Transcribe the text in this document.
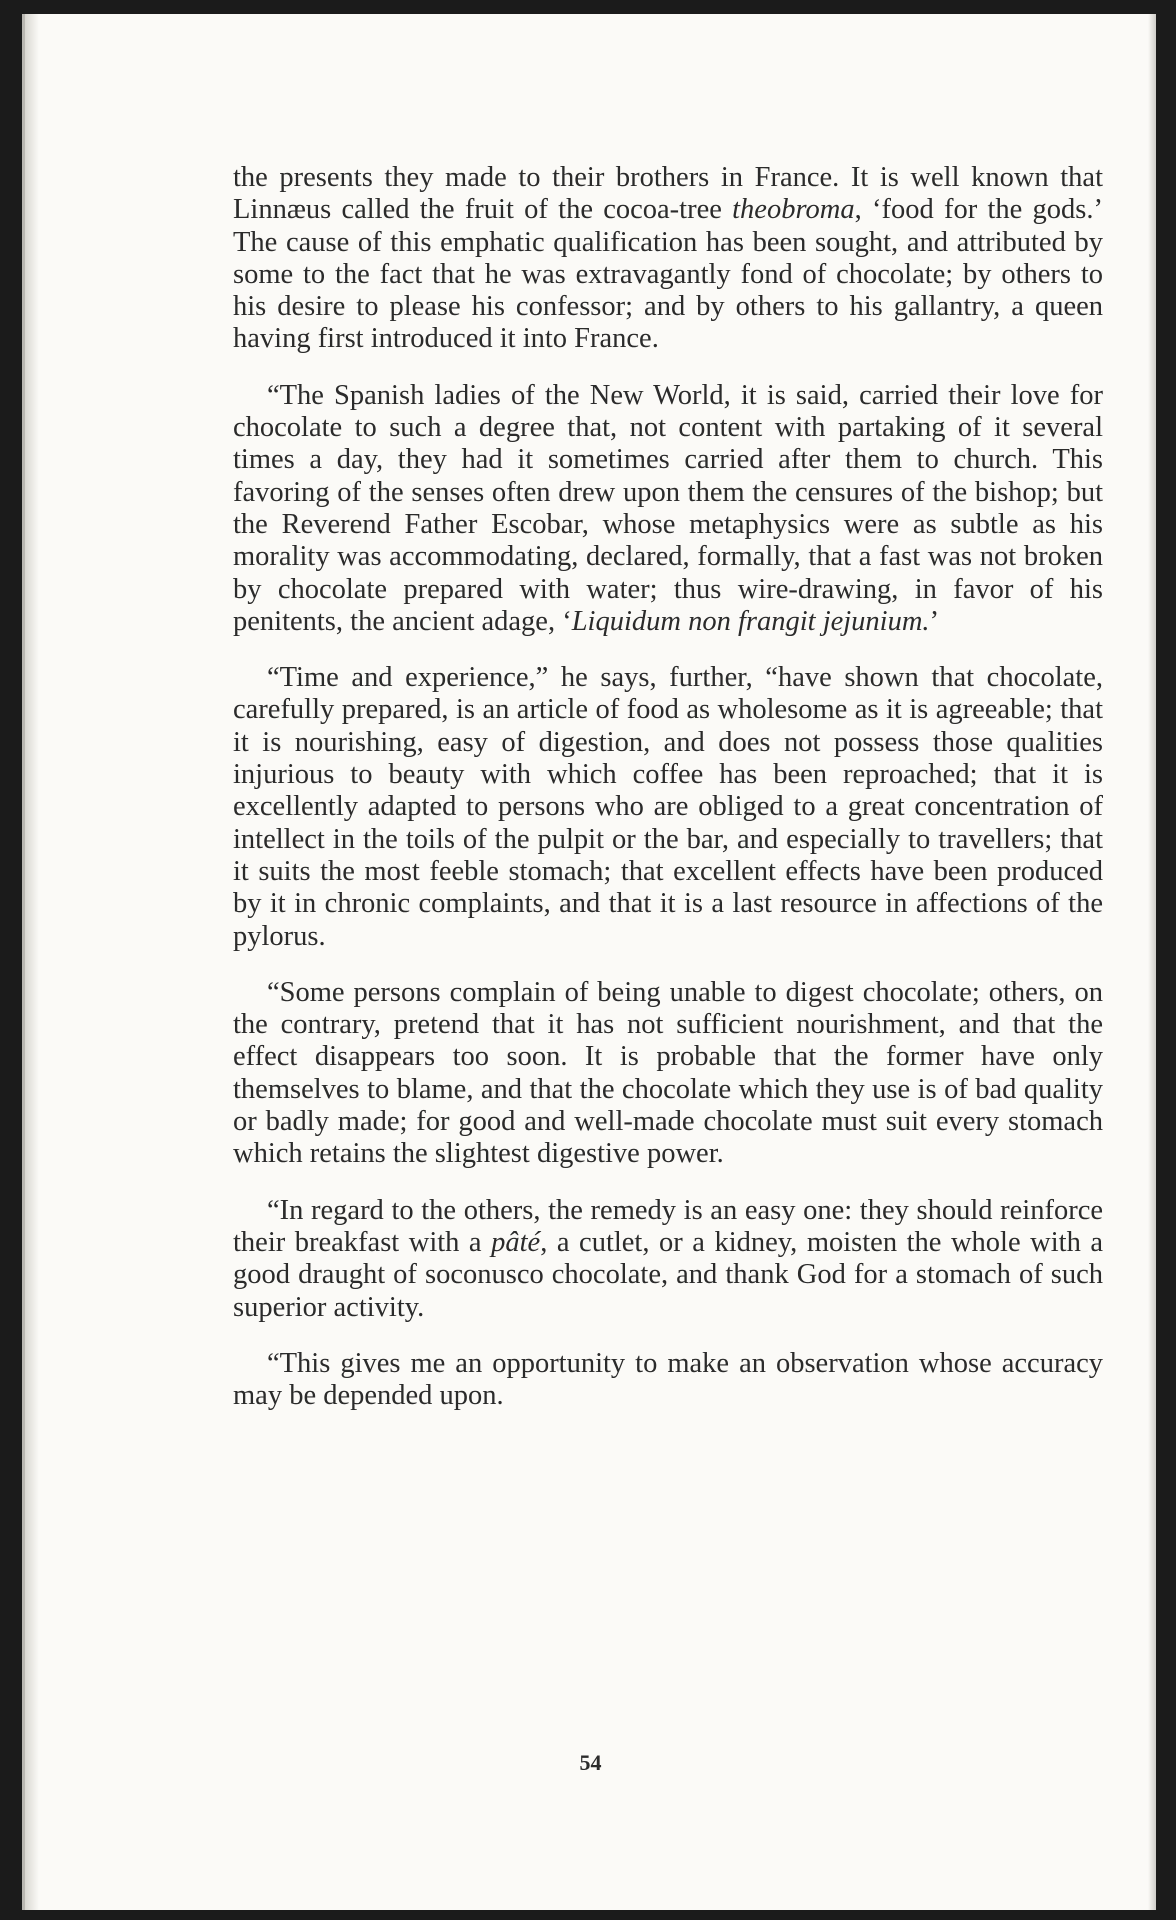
the presents they made to their brothers in France. It is well known that Linnæus called the fruit of the cocoa-tree theobroma, ‘food for the gods.’ The cause of this emphatic qualification has been sought, and attributed by some to the fact that he was extravagantly fond of chocolate; by others to his desire to please his confessor; and by others to his gallantry, a queen having first introduced it into France.

“The Spanish ladies of the New World, it is said, carried their love for chocolate to such a degree that, not content with partaking of it several times a day, they had it sometimes carried after them to church. This favoring of the senses often drew upon them the censures of the bishop; but the Reverend Father Escobar, whose metaphysics were as subtle as his morality was accommodating, declared, formally, that a fast was not broken by chocolate prepared with water; thus wire-drawing, in favor of his penitents, the ancient adage, ‘Liquidum non frangit jejunium.’

“Time and experience,” he says, further, “have shown that chocolate, carefully prepared, is an article of food as wholesome as it is agreeable; that it is nourishing, easy of digestion, and does not possess those qualities injurious to beauty with which coffee has been reproached; that it is excellently adapted to persons who are obliged to a great concentration of intellect in the toils of the pulpit or the bar, and especially to travellers; that it suits the most feeble stomach; that excellent effects have been produced by it in chronic complaints, and that it is a last resource in affections of the pylorus.

“Some persons complain of being unable to digest chocolate; others, on the contrary, pretend that it has not sufficient nourishment, and that the effect disappears too soon. It is probable that the former have only themselves to blame, and that the chocolate which they use is of bad quality or badly made; for good and well-made chocolate must suit every stomach which retains the slightest digestive power.

“In regard to the others, the remedy is an easy one: they should reinforce their breakfast with a pâté, a cutlet, or a kidney, moisten the whole with a good draught of soconusco chocolate, and thank God for a stomach of such superior activity.

“This gives me an opportunity to make an observation whose accuracy may be depended upon.

54
